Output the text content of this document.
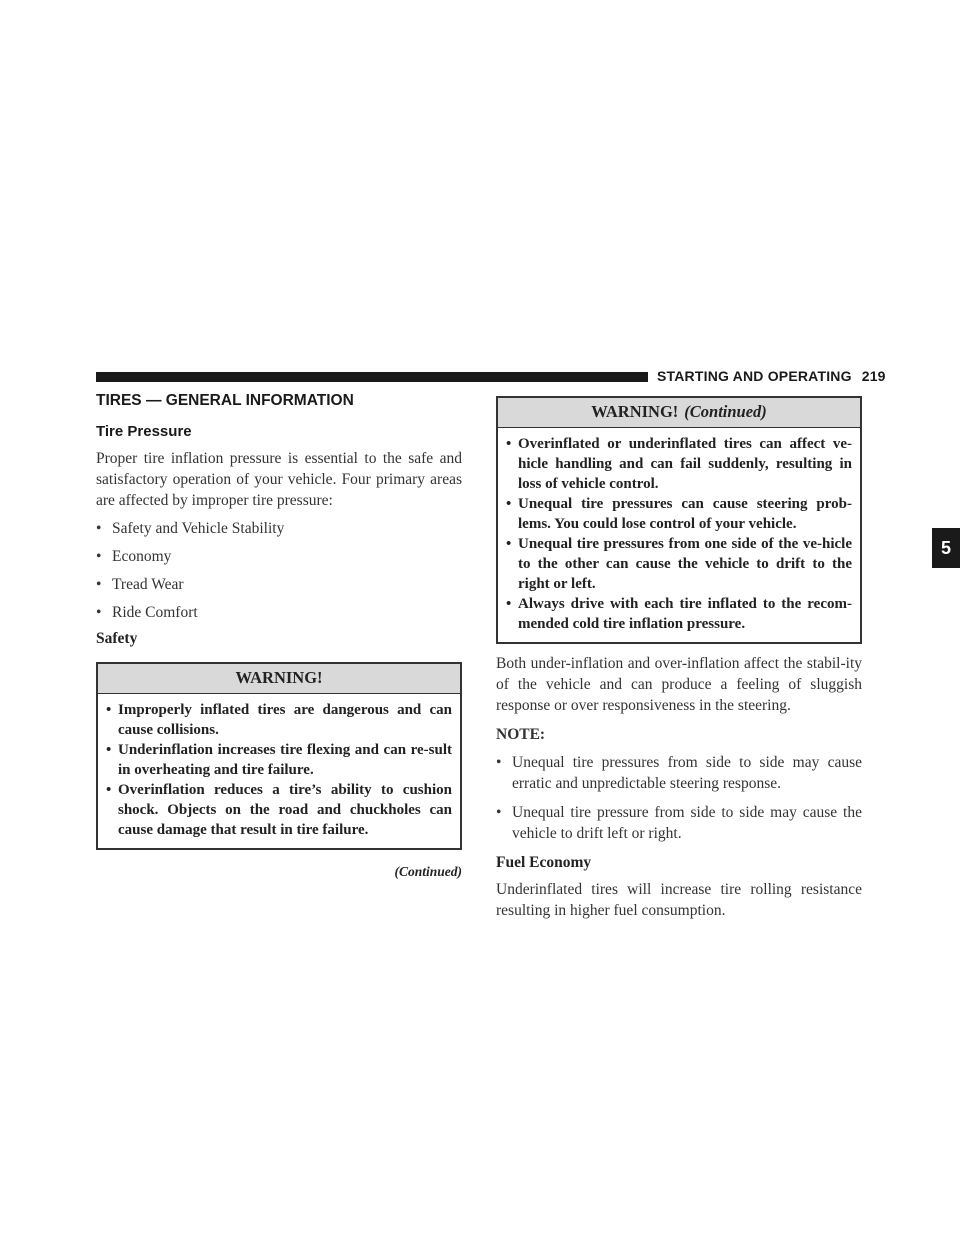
STARTING AND OPERATING 219
5
TIRES — GENERAL INFORMATION
Tire Pressure

Proper tire inflation pressure is essential to the safe and satisfactory operation of your vehicle. Four primary areas are affected by improper tire pressure:

• Safety and Vehicle Stability
• Economy
• Tread Wear
• Ride Comfort
Safety
WARNING!
• Improperly inflated tires are dangerous and can cause collisions.
• Underinflation increases tire flexing and can re-sult in overheating and tire failure.
• Overinflation reduces a tire’s ability to cushion shock. Objects on the road and chuckholes can cause damage that result in tire failure.
(Continued)
WARNING! (Continued)
• Overinflated or underinflated tires can affect ve-hicle handling and can fail suddenly, resulting in loss of vehicle control.
• Unequal tire pressures can cause steering prob-lems. You could lose control of your vehicle.
• Unequal tire pressures from one side of the ve-hicle to the other can cause the vehicle to drift to the right or left.
• Always drive with each tire inflated to the recom-mended cold tire inflation pressure.

Both under-inflation and over-inflation affect the stabil-ity of the vehicle and can produce a feeling of sluggish response or over responsiveness in the steering.

NOTE:
• Unequal tire pressures from side to side may cause erratic and unpredictable steering response.
• Unequal tire pressure from side to side may cause the vehicle to drift left or right.
Fuel Economy

Underinflated tires will increase tire rolling resistance resulting in higher fuel consumption.
